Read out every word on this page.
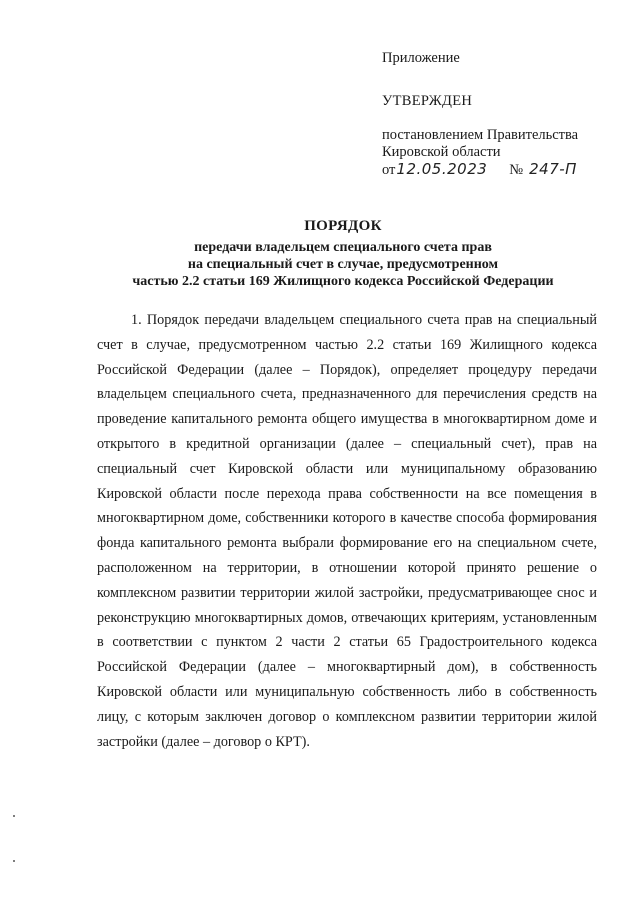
Приложение
УТВЕРЖДЕН
постановлением Правительства
Кировской области
от12.05.2023 № 247-П
ПОРЯДОК
передачи владельцем специального счета прав
на специальный счет в случае, предусмотренном
частью 2.2 статьи 169 Жилищного кодекса Российской Федерации

1. Порядок передачи владельцем специального счета прав на специальный счет в случае, предусмотренном частью 2.2 статьи 169 Жилищного кодекса Российской Федерации (далее – Порядок), определяет процедуру передачи владельцем специального счета, предназначенного для перечисления средств на проведение капитального ремонта общего имущества в многоквартирном доме и открытого в кредитной организации (далее – специальный счет), прав на специальный счет Кировской области или муниципальному образованию Кировской области после перехода права собственности на все помещения в многоквартирном доме, собственники которого в качестве способа формирования фонда капитального ремонта выбрали формирование его на специальном счете, расположенном на территории, в отношении которой принято решение о комплексном развитии территории жилой застройки, предусматривающее снос и реконструкцию многоквартирных домов, отвечающих критериям, установленным в соответствии с пунктом 2 части 2 статьи 65 Градостроительного кодекса Российской Федерации (далее – многоквартирный дом), в собственность Кировской области или муниципальную собственность либо в собственность лицу, с которым заключен договор о комплексном развитии территории жилой застройки (далее – договор о КРТ).
